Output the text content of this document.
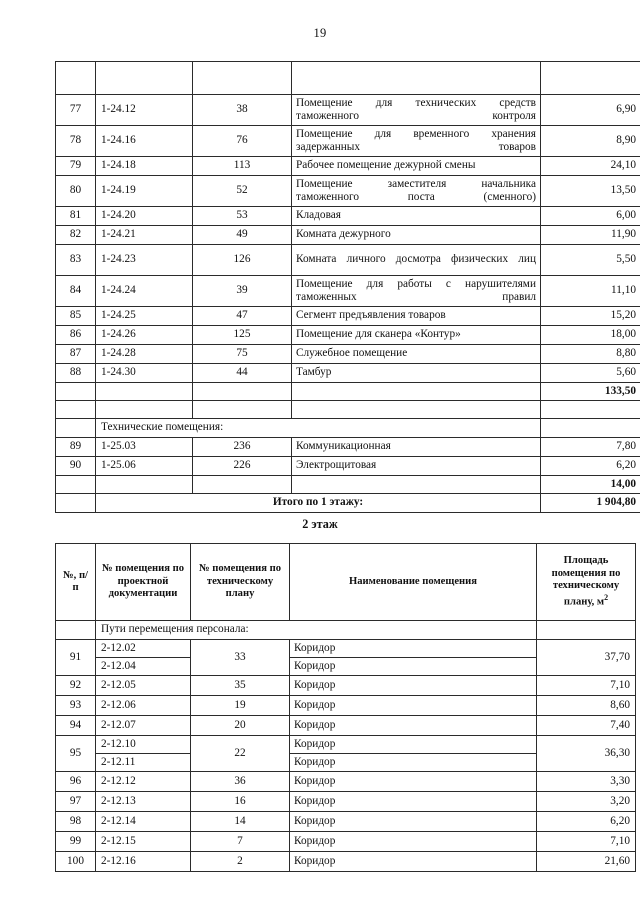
19

77	1-24.12	38	Помещение для технических средств таможенного контроля	6,90
78	1-24.16	76	Помещение для временного хранения задержанных товаров	8,90
79	1-24.18	113	Рабочее помещение дежурной смены	24,10
80	1-24.19	52	Помещение заместителя начальника таможенного поста (сменного)	13,50
81	1-24.20	53	Кладовая	6,00
82	1-24.21	49	Комната дежурного	11,90
83	1-24.23	126	Комната личного досмотра физических лиц	5,50
84	1-24.24	39	Помещение для работы с нарушителями таможенных правил	11,10
85	1-24.25	47	Сегмент предъявления товаров	15,20
86	1-24.26	125	Помещение для сканера «Контур»	18,00
87	1-24.28	75	Служебное помещение	8,80
88	1-24.30	44	Тамбур	5,60
				133,50

	Технические помещения:			
89	1-25.03	236	Коммуникационная	7,80
90	1-25.06	226	Электрощитовая	6,20
				14,00
	Итого по 1 этажу:			1 904,80
2 этаж
№, п/ п	№ помещения по проектной документации	№ помещения по техническому плану	Наименование помещения	Площадь помещения по техническому плану, $м^2$
	Пути перемещения персонала:			
91	2-12.02	33	Коридор	37,70
	2-12.04		Коридор	
92	2-12.05	35	Коридор	7,10
93	2-12.06	19	Коридор	8,60
94	2-12.07	20	Коридор	7,40
95	2-12.10	22	Коридор	36,30
	2-12.11		Коридор	
96	2-12.12	36	Коридор	3,30
97	2-12.13	16	Коридор	3,20
98	2-12.14	14	Коридор	6,20
99	2-12.15	7	Коридор	7,10
100	2-12.16	2	Коридор	21,60
